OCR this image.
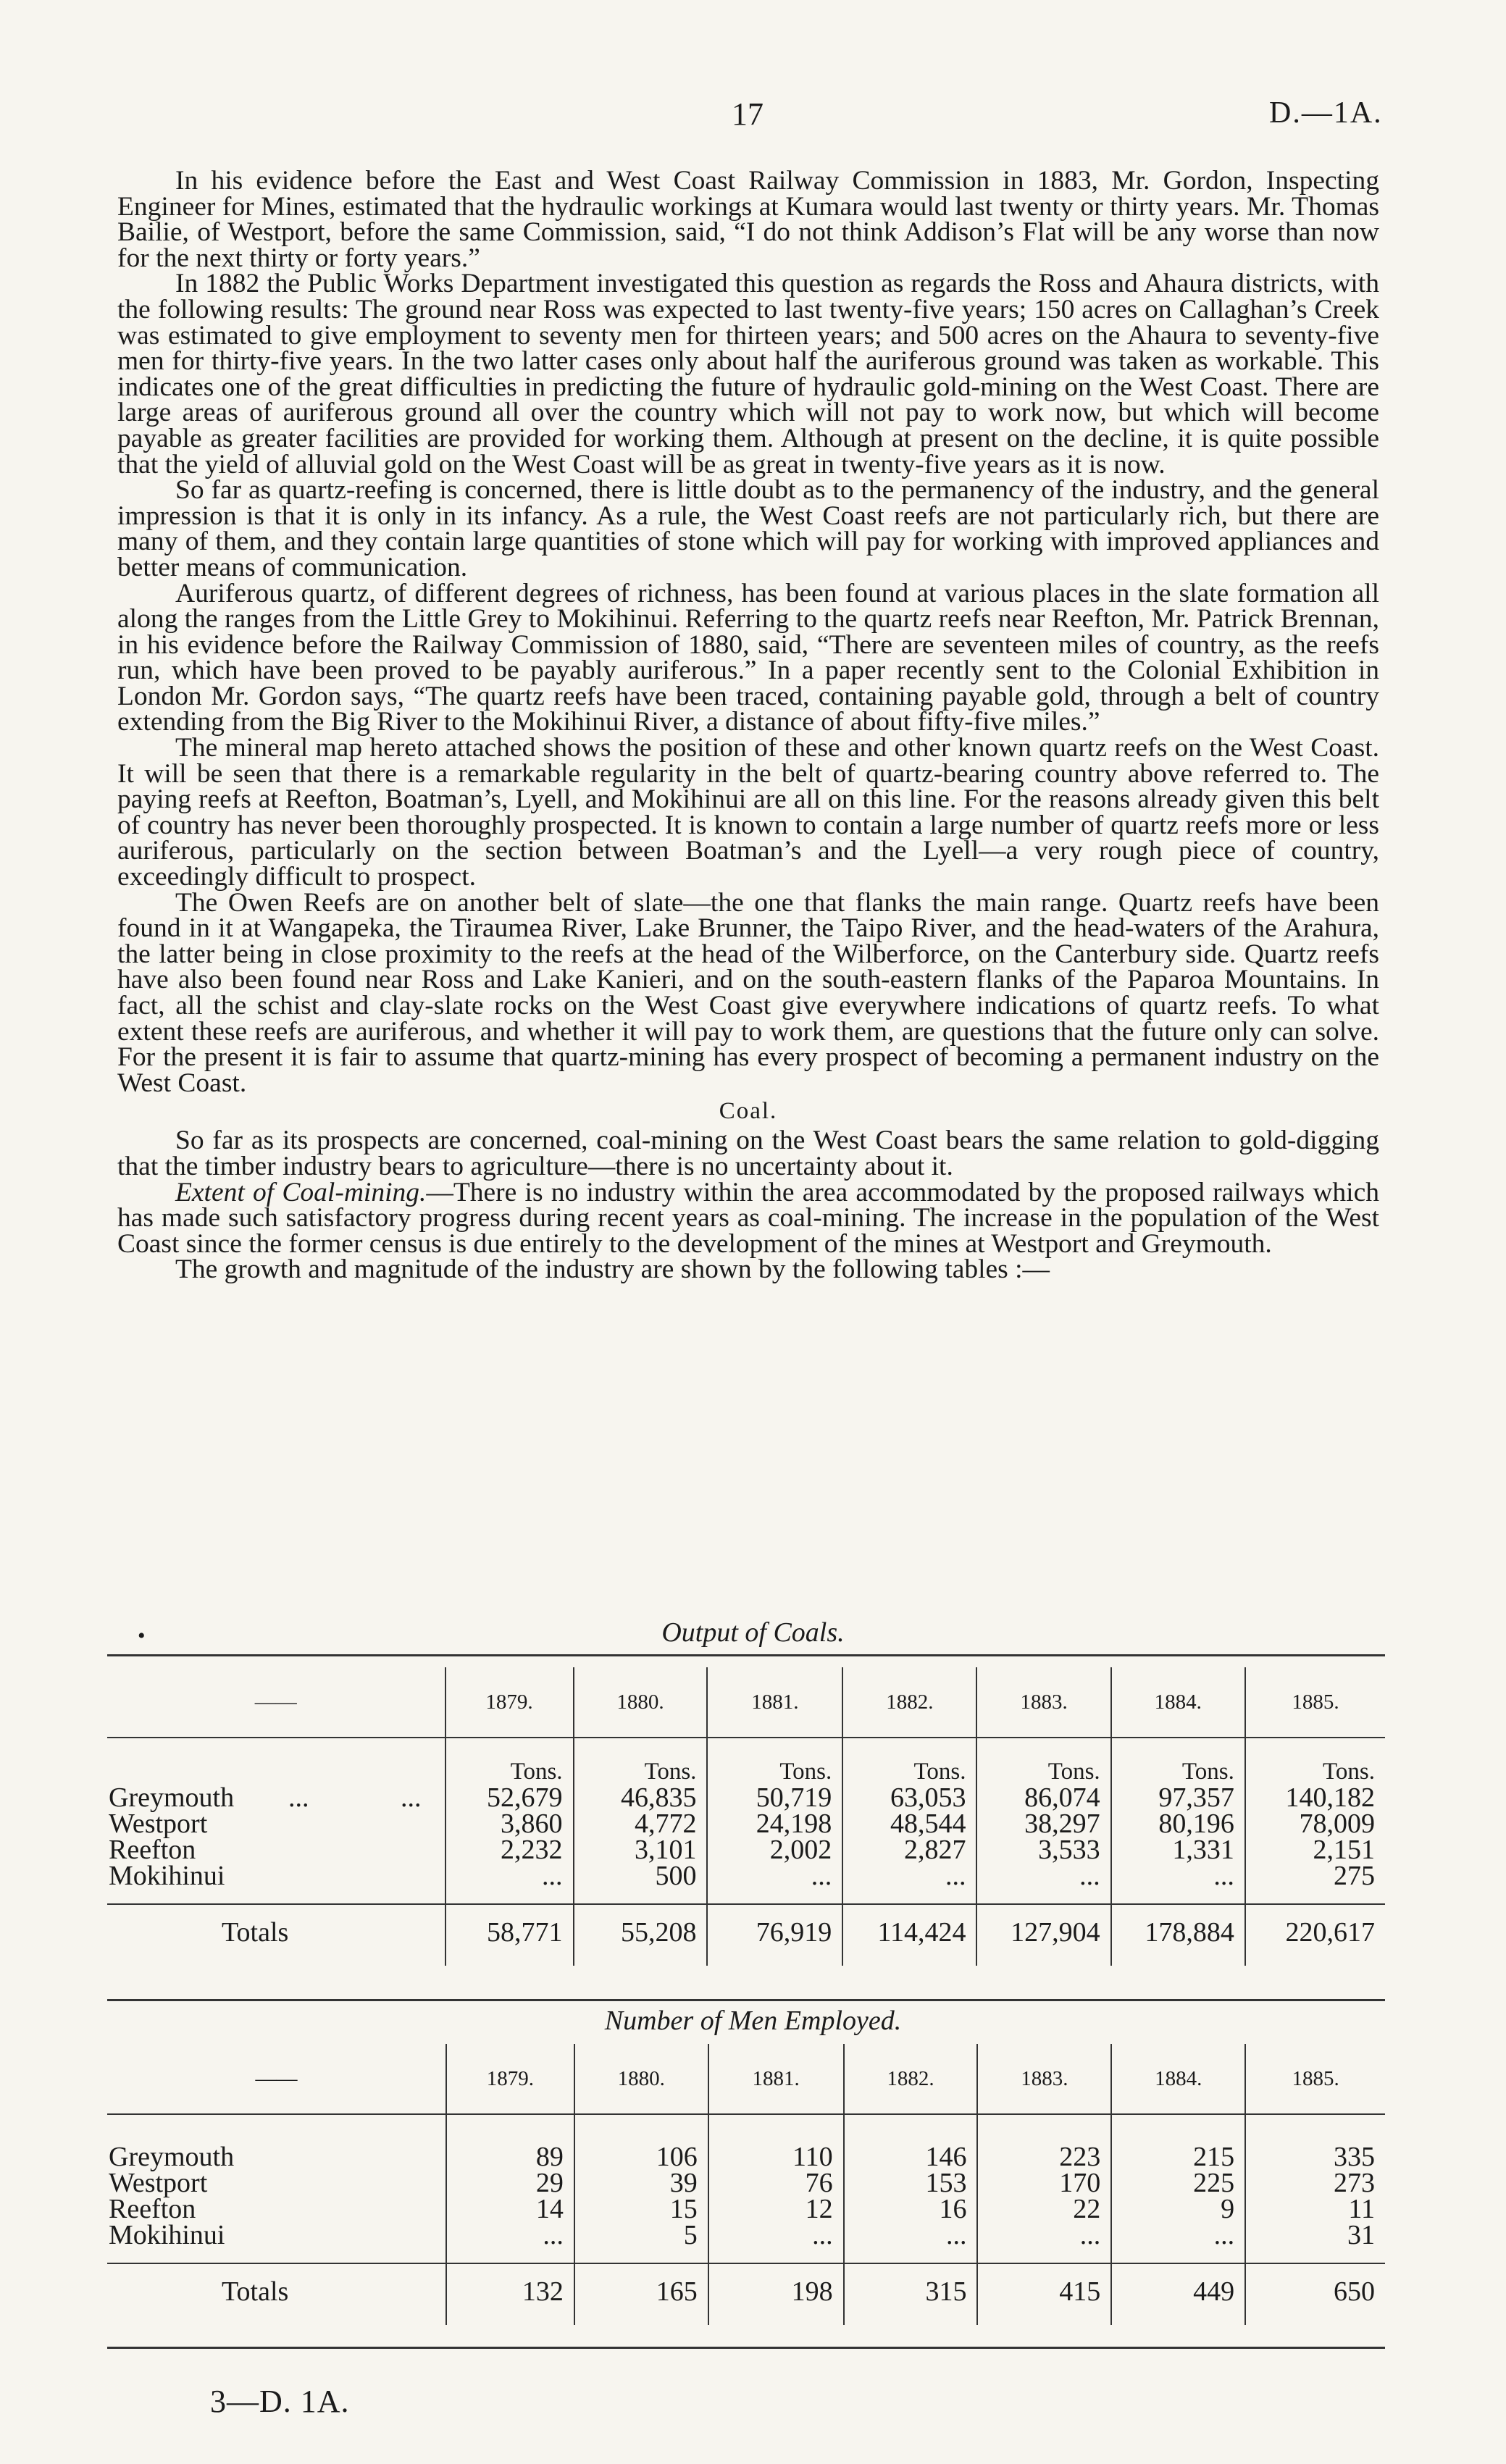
17	D.—1A.

In his evidence before the East and West Coast Railway Commission in 1883, Mr. Gordon, Inspecting Engineer for Mines, estimated that the hydraulic workings at Kumara would last twenty or thirty years. Mr. Thomas Bailie, of Westport, before the same Commission, said, “I do not think Addison’s Flat will be any worse than now for the next thirty or forty years.”

In 1882 the Public Works Department investigated this question as regards the Ross and Ahaura districts, with the following results: The ground near Ross was expected to last twenty-five years; 150 acres on Callaghan’s Creek was estimated to give employment to seventy men for thirteen years; and 500 acres on the Ahaura to seventy-five men for thirty-five years. In the two latter cases only about half the auriferous ground was taken as workable. This indicates one of the great difficulties in predicting the future of hydraulic gold-mining on the West Coast. There are large areas of auriferous ground all over the country which will not pay to work now, but which will become payable as greater facilities are provided for working them. Although at present on the decline, it is quite possible that the yield of alluvial gold on the West Coast will be as great in twenty-five years as it is now.

So far as quartz-reefing is concerned, there is little doubt as to the permanency of the industry, and the general impression is that it is only in its infancy. As a rule, the West Coast reefs are not particularly rich, but there are many of them, and they contain large quantities of stone which will pay for working with improved appliances and better means of communication.

Auriferous quartz, of different degrees of richness, has been found at various places in the slate formation all along the ranges from the Little Grey to Mokihinui. Referring to the quartz reefs near Reefton, Mr. Patrick Brennan, in his evidence before the Railway Commission of 1880, said, “There are seventeen miles of country, as the reefs run, which have been proved to be payably auriferous.” In a paper recently sent to the Colonial Exhibition in London Mr. Gordon says, “The quartz reefs have been traced, containing payable gold, through a belt of country extending from the Big River to the Mokihinui River, a distance of about fifty-five miles.”

The mineral map hereto attached shows the position of these and other known quartz reefs on the West Coast. It will be seen that there is a remarkable regularity in the belt of quartz-bearing country above referred to. The paying reefs at Reefton, Boatman’s, Lyell, and Mokihinui are all on this line. For the reasons already given this belt of country has never been thoroughly prospected. It is known to contain a large number of quartz reefs more or less auriferous, particularly on the section between Boatman’s and the Lyell—a very rough piece of country, exceedingly difficult to prospect.

The Owen Reefs are on another belt of slate—the one that flanks the main range. Quartz reefs have been found in it at Wangapeka, the Tiraumea River, Lake Brunner, the Taipo River, and the head-waters of the Arahura, the latter being in close proximity to the reefs at the head of the Wilberforce, on the Canterbury side. Quartz reefs have also been found near Ross and Lake Kanieri, and on the south-eastern flanks of the Paparoa Mountains. In fact, all the schist and clay-slate rocks on the West Coast give everywhere indications of quartz reefs. To what extent these reefs are auriferous, and whether it will pay to work them, are questions that the future only can solve. For the present it is fair to assume that quartz-mining has every prospect of becoming a permanent industry on the West Coast.

Coal.

So far as its prospects are concerned, coal-mining on the West Coast bears the same relation to gold-digging that the timber industry bears to agriculture—there is no uncertainty about it.

Extent of Coal-mining.—There is no industry within the area accommodated by the proposed railways which has made such satisfactory progress during recent years as coal-mining. The increase in the population of the West Coast since the former census is due entirely to the development of the mines at Westport and Greymouth.

The growth and magnitude of the industry are shown by the following tables :—

•	Output of Coals.
——	1879.	1880.	1881.	1882.	1883.	1884.	1885.
	Tons.	Tons.	Tons.	Tons.	Tons.	Tons.	Tons.
Greymouth ... ...	52,679	46,835	50,719	63,053	86,074	97,357	140,182
Westport	3,860	4,772	24,198	48,544	38,297	80,196	78,009
Reefton	2,232	3,101	2,002	2,827	3,533	1,331	2,151
Mokihinui	...	500	...	...	...	...	275
Totals	58,771	55,208	76,919	114,424	127,904	178,884	220,617
Number of Men Employed.
——	1879.	1880.	1881.	1882.	1883.	1884.	1885.
Greymouth	89	106	110	146	223	215	335
Westport	29	39	76	153	170	225	273
Reefton	14	15	12	16	22	9	11
Mokihinui	...	5	...	...	...	...	31
Totals	132	165	198	315	415	449	650
3—D. 1A.
